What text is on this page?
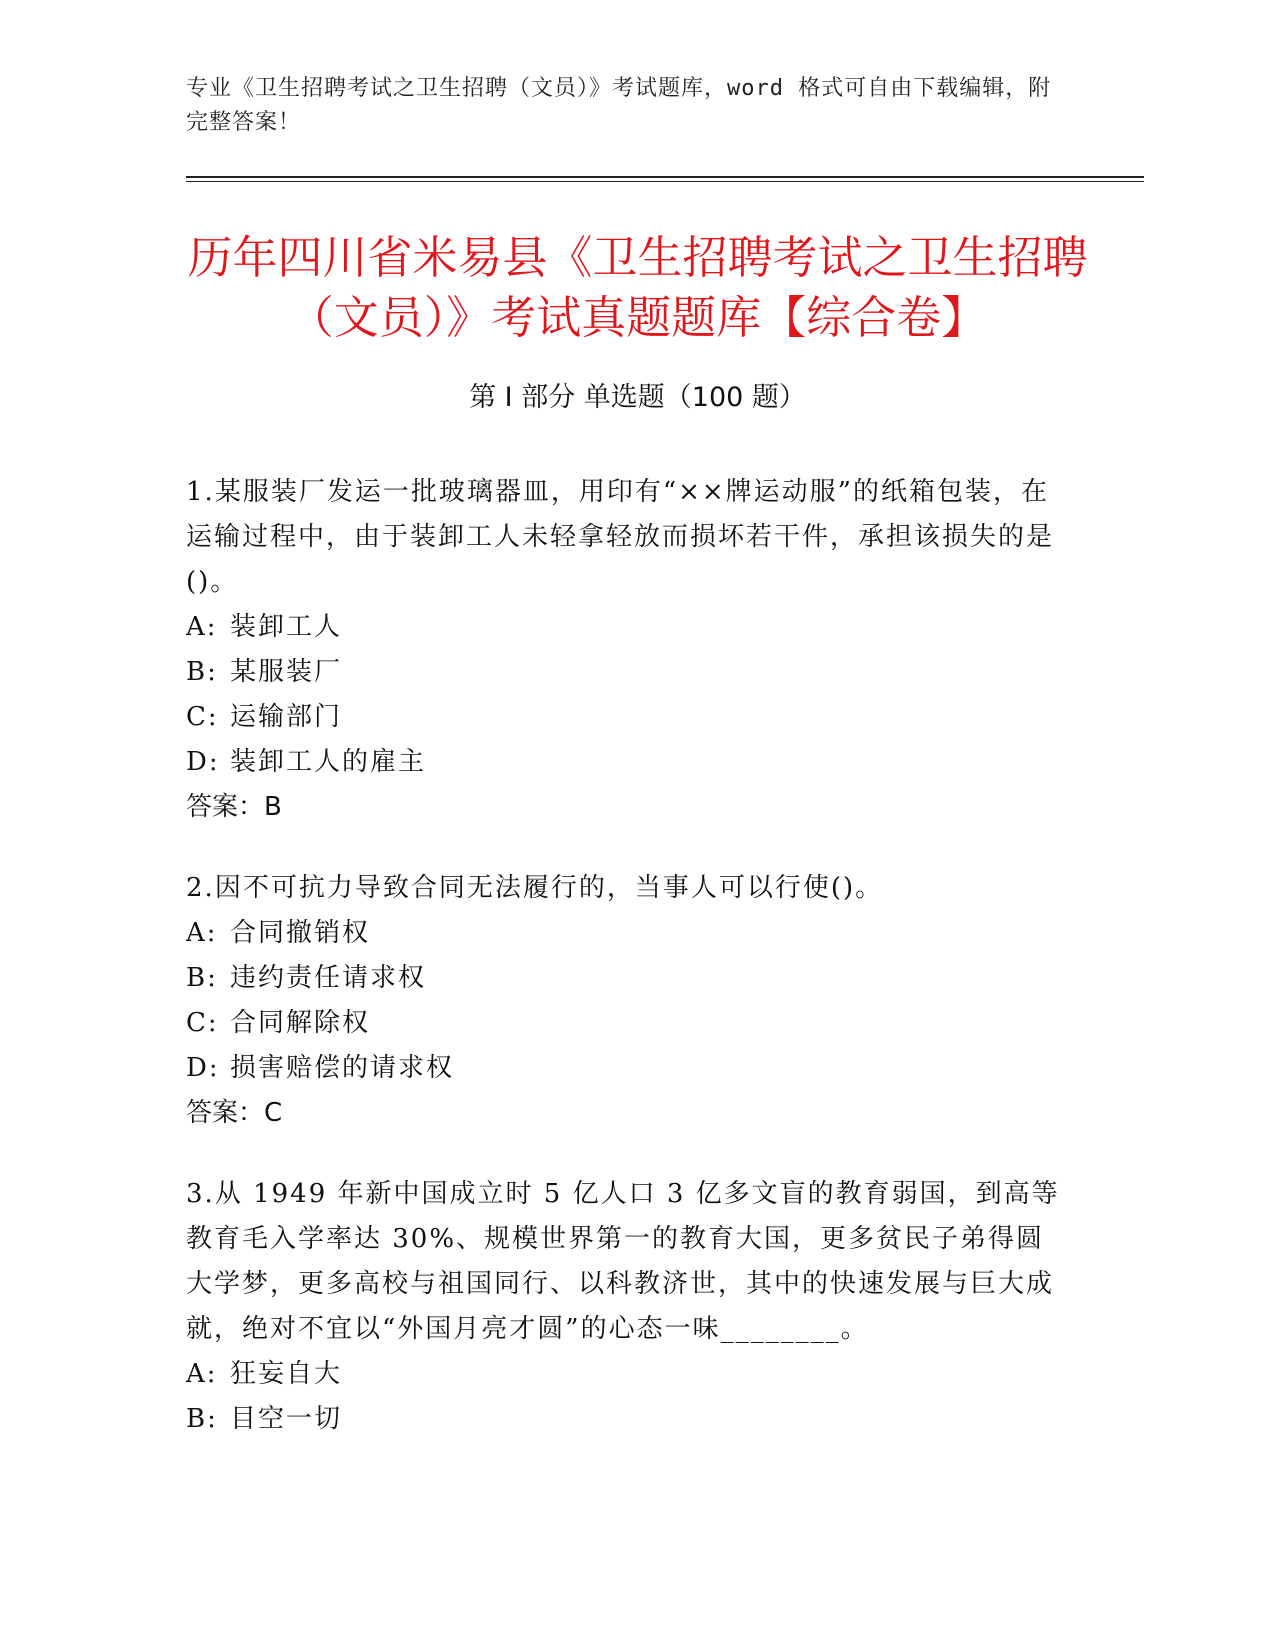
专业《卫生招聘考试之卫生招聘（文员）》考试题库，word 格式可自由下载编辑，附完整答案！
历年四川省米易县《卫生招聘考试之卫生招聘（文员）》考试真题题库【综合卷】
第 I 部分 单选题（100 题）

1.某服装厂发运一批玻璃器皿，用印有“××牌运动服”的纸箱包装，在运输过程中，由于装卸工人未轻拿轻放而损坏若干件，承担该损失的是()。

A: 装卸工人
B: 某服装厂
C: 运输部门
D: 装卸工人的雇主
答案：B

2.因不可抗力导致合同无法履行的，当事人可以行使()。

A: 合同撤销权
B: 违约责任请求权
C: 合同解除权
D: 损害赔偿的请求权
答案：C

3.从 1949 年新中国成立时 5 亿人口 3 亿多文盲的教育弱国，到高等教育毛入学率达 30%、规模世界第一的教育大国，更多贫民子弟得圆大学梦，更多高校与祖国同行、以科教济世，其中的快速发展与巨大成就，绝对不宜以“外国月亮才圆”的心态一味________。

A: 狂妄自大
B: 目空一切
